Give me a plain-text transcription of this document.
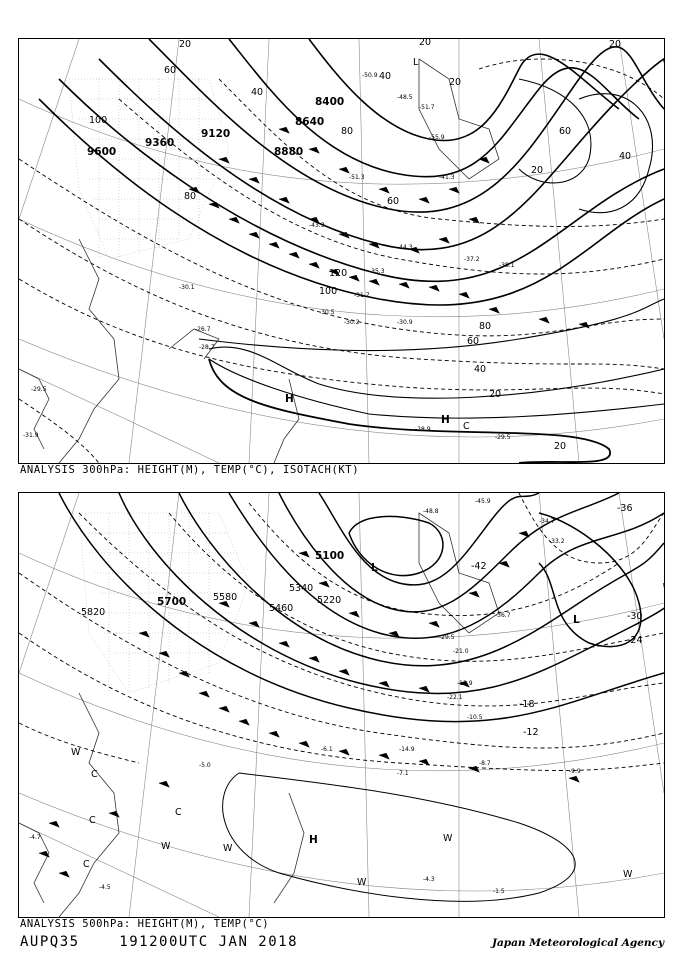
9600
9360
9120
8880
8640
8400
100
80
60
40
20
120
100
80
60
40
20
80
60
40
20
20
20
20
60
40
20
-51.7
-55.9
-50.9
-48.5
-51.3
-44.3
-43.3
-37.2
-35.3
-31.7
-30.9
-30.2
-30.5
-26.7
-28.7
-29.5
-31.9
-28.9
-29.5
-30.1
-41.3
-38.1
H
H
C
L
ANALYSIS 300hPa: HEIGHT(M), TEMP(°C), ISOTACH(KT)
5820
5700	5580
5460
5340
5220
5100
-18
-12
-24
-30
-36
-42
-45.9
-48.8
-34.7
-33.2
-36.7
-29.5
-21.0
-22.1
-13.9
-10.5
-14.9
-8.7
-7.1	-9.9
-6.1
-4.3
-1.5
-5.0
-4.5
-4.7
L
L
H
W
W	W
W
W
C
C
C
C
W
ANALYSIS 500hPa: HEIGHT(M), TEMP(°C)
AUPQ35	191200UTC JAN 2018	Japan Meteorological Agency
